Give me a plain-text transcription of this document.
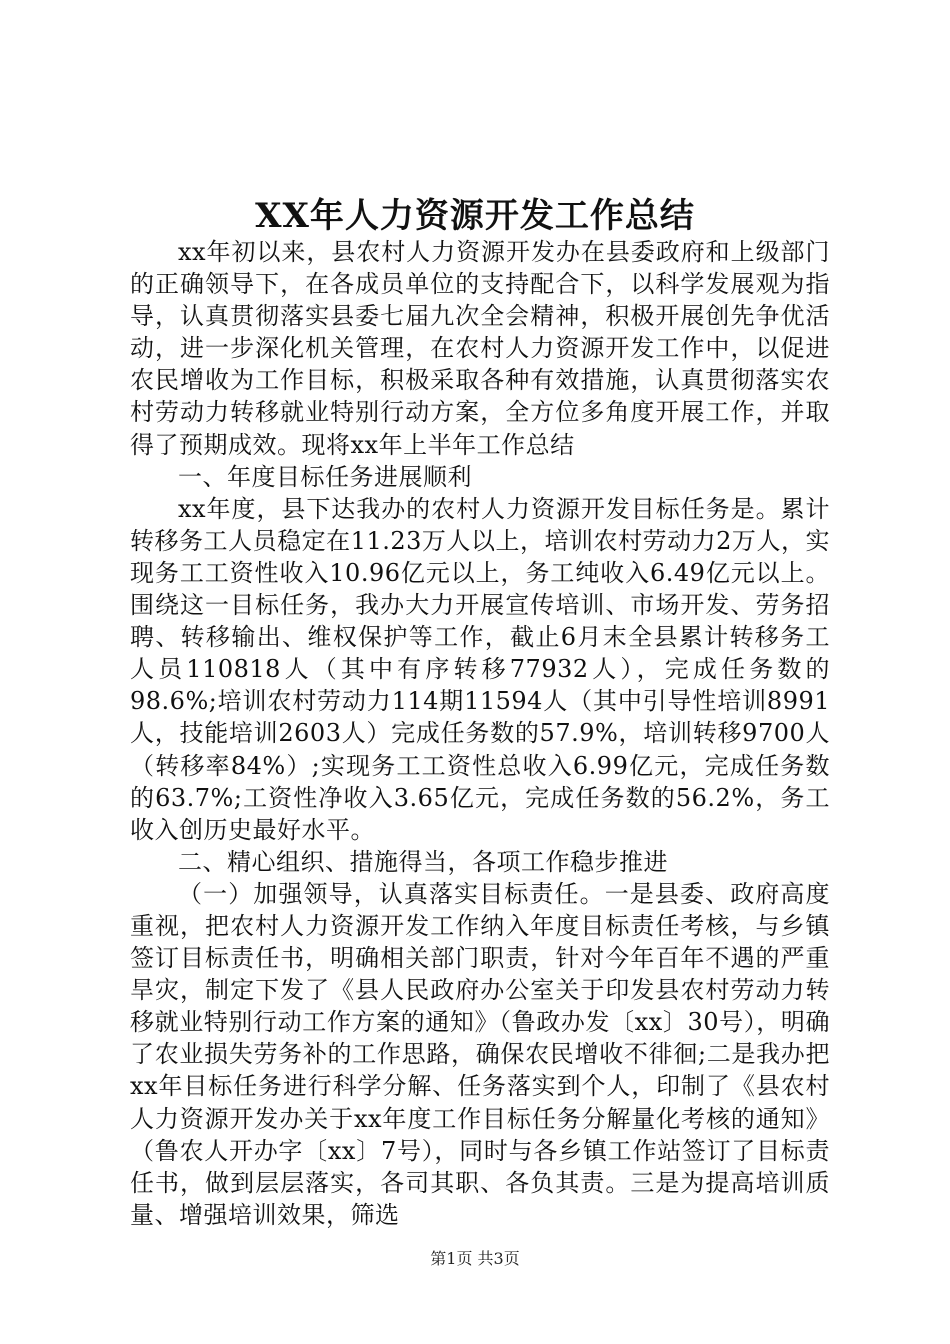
XX年人力资源开发工作总结

xx年初以来，县农村人力资源开发办在县委政府和上级部门的正确领导下，在各成员单位的支持配合下，以科学发展观为指导，认真贯彻落实县委七届九次全会精神，积极开展创先争优活动，进一步深化机关管理，在农村人力资源开发工作中，以促进农民增收为工作目标，积极采取各种有效措施，认真贯彻落实农村劳动力转移就业特别行动方案，全方位多角度开展工作，并取得了预期成效。现将xx年上半年工作总结

一、年度目标任务进展顺利

xx年度，县下达我办的农村人力资源开发目标任务是。累计转移务工人员稳定在11.23万人以上，培训农村劳动力2万人，实现务工工资性收入10.96亿元以上，务工纯收入6.49亿元以上。围绕这一目标任务，我办大力开展宣传培训、市场开发、劳务招聘、转移输出、维权保护等工作，截止6月末全县累计转移务工人员110818人（其中有序转移77932人），完成任务数的98.6%;培训农村劳动力114期11594人（其中引导性培训8991人，技能培训2603人）完成任务数的57.9%，培训转移9700人（转移率84%）;实现务工工资性总收入6.99亿元，完成任务数的63.7%;工资性净收入3.65亿元，完成任务数的56.2%，务工收入创历史最好水平。

二、精心组织、措施得当，各项工作稳步推进

（一）加强领导，认真落实目标责任。一是县委、政府高度重视，把农村人力资源开发工作纳入年度目标责任考核，与乡镇签订目标责任书，明确相关部门职责，针对今年百年不遇的严重旱灾，制定下发了《县人民政府办公室关于印发县农村劳动力转移就业特别行动工作方案的通知》（鲁政办发〔xx〕30号），明确了农业损失劳务补的工作思路，确保农民增收不徘徊;二是我办把xx年目标任务进行科学分解、任务落实到个人，印制了《县农村人力资源开发办关于xx年度工作目标任务分解量化考核的通知》（鲁农人开办字〔xx〕7号），同时与各乡镇工作站签订了目标责任书，做到层层落实，各司其职、各负其责。三是为提高培训质量、增强培训效果，筛选

第1页 共3页
